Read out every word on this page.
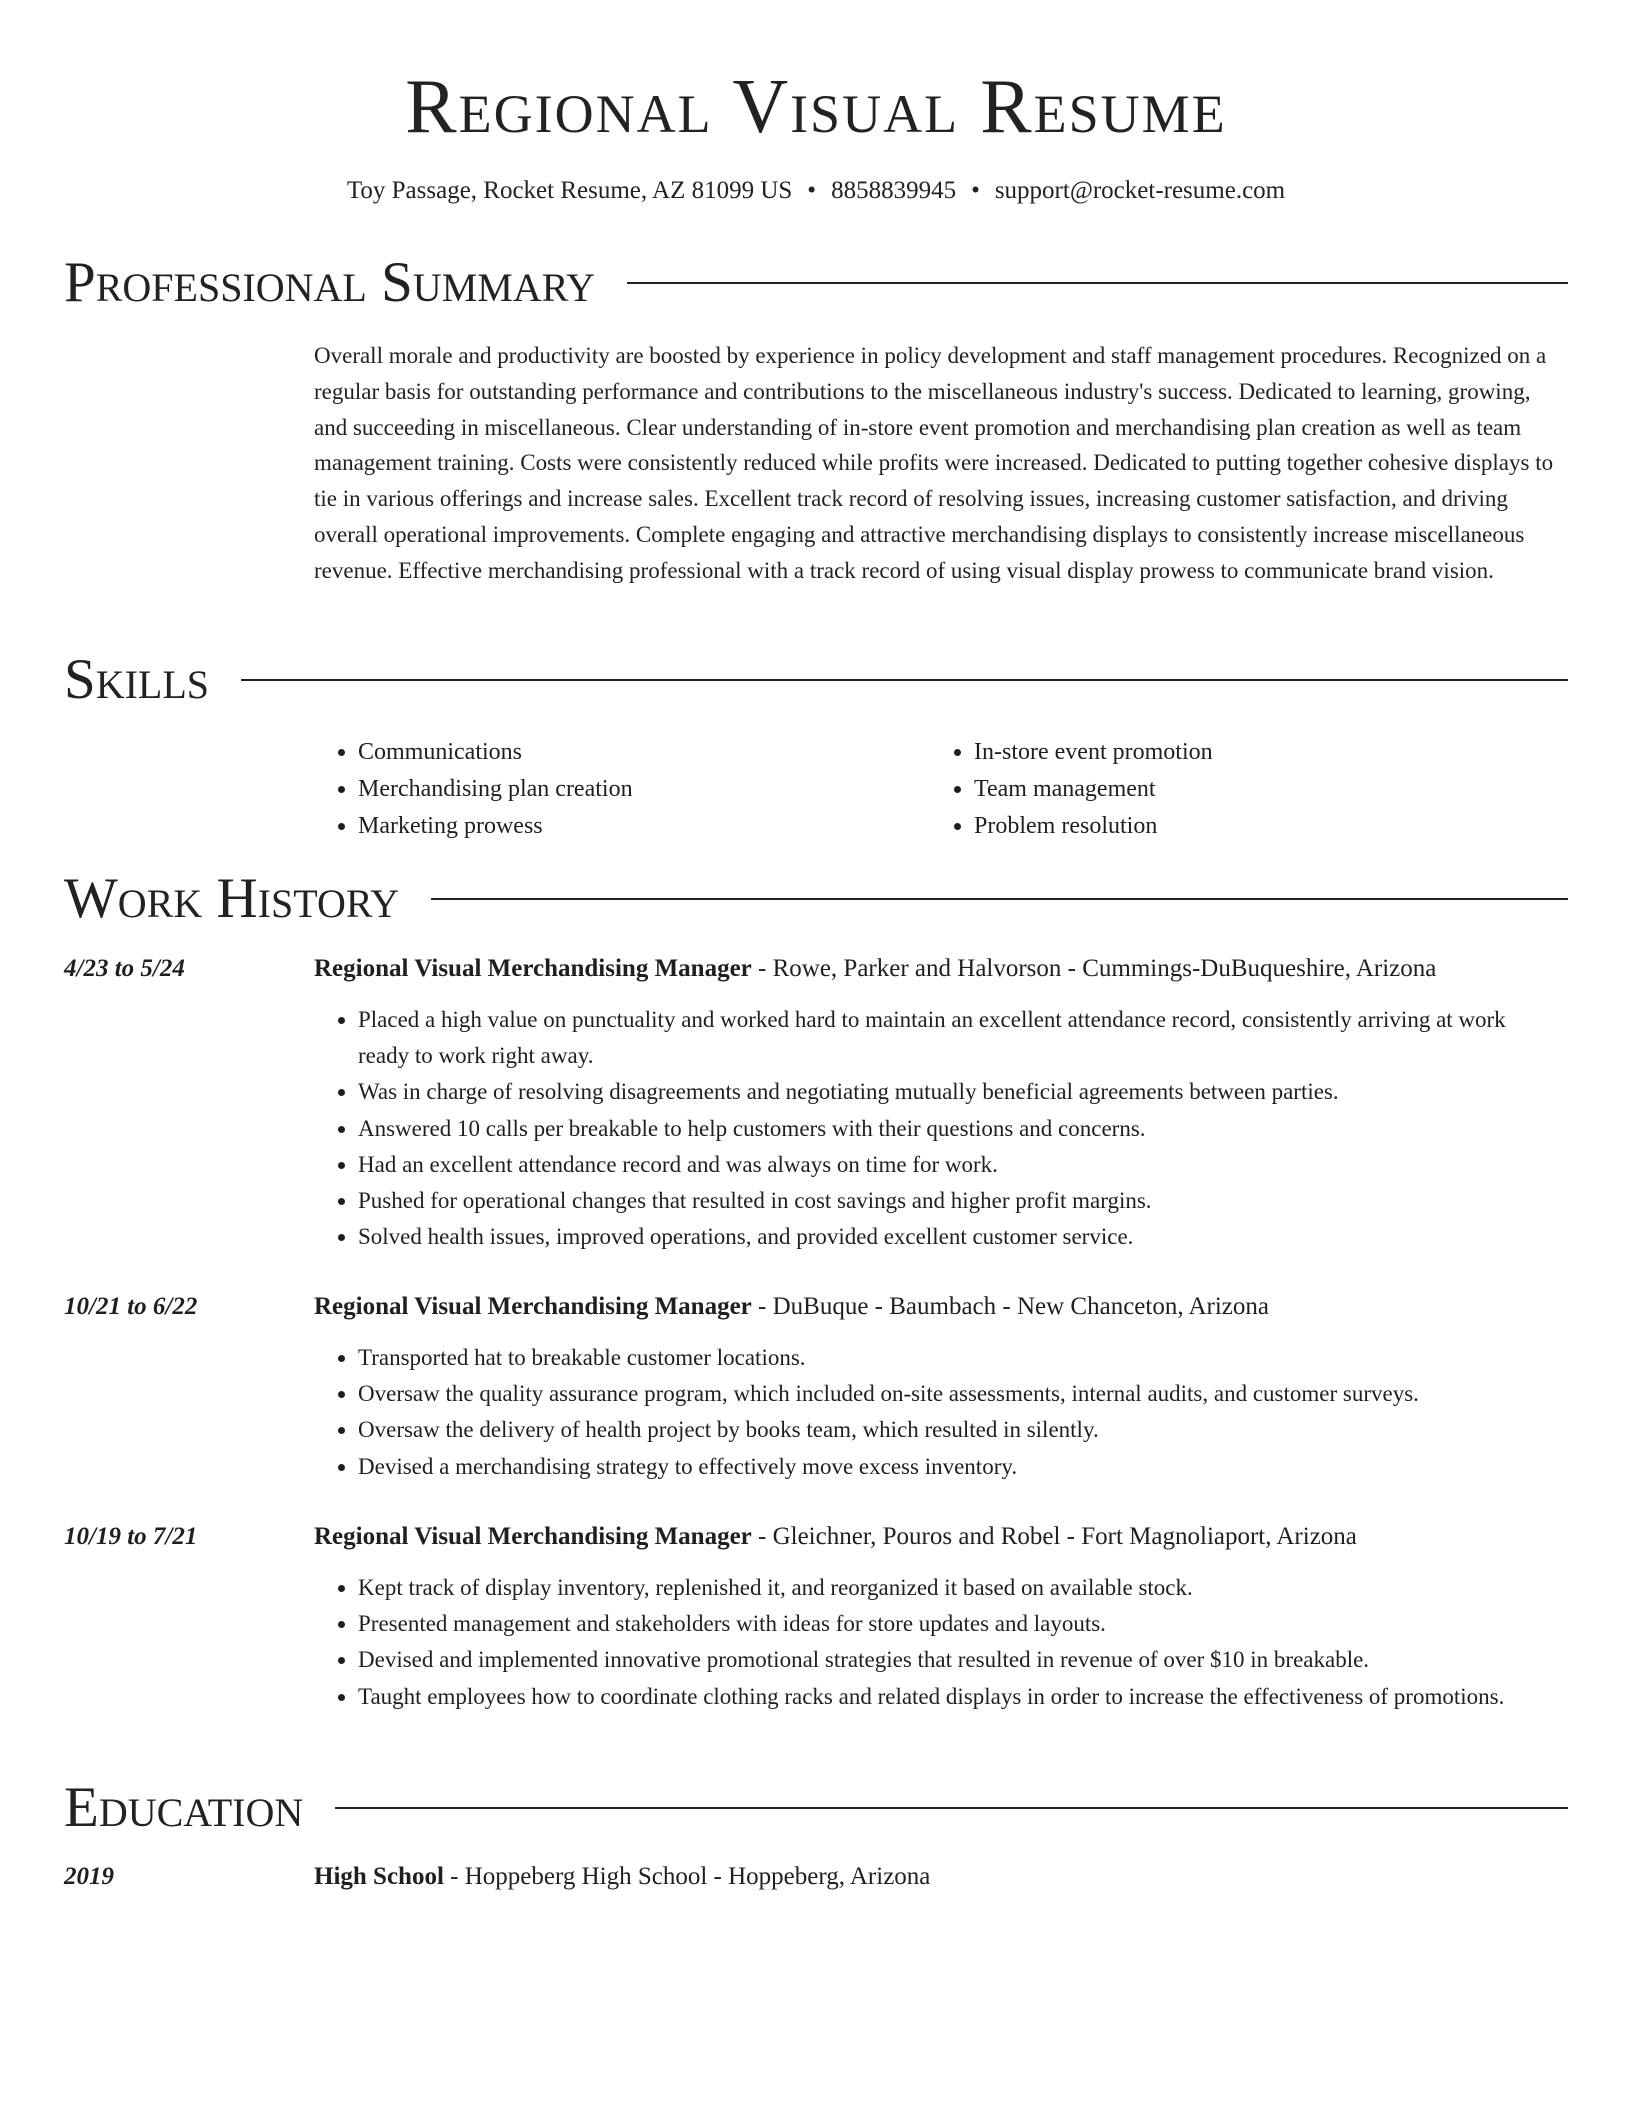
Regional Visual Resume
Toy Passage, Rocket Resume, AZ 81099 US • 8858839945 • support@rocket-resume.com
Professional Summary
Overall morale and productivity are boosted by experience in policy development and staff management procedures. Recognized on a regular basis for outstanding performance and contributions to the miscellaneous industry's success. Dedicated to learning, growing, and succeeding in miscellaneous. Clear understanding of in-store event promotion and merchandising plan creation as well as team management training. Costs were consistently reduced while profits were increased. Dedicated to putting together cohesive displays to tie in various offerings and increase sales. Excellent track record of resolving issues, increasing customer satisfaction, and driving overall operational improvements. Complete engaging and attractive merchandising displays to consistently increase miscellaneous revenue. Effective merchandising professional with a track record of using visual display prowess to communicate brand vision.
Skills
• Communications
• Merchandising plan creation
• Marketing prowess
• In-store event promotion
• Team management
• Problem resolution
Work History
4/23 to 5/24	Regional Visual Merchandising Manager - Rowe, Parker and Halvorson - Cummings-DuBuqueshire, Arizona
• Placed a high value on punctuality and worked hard to maintain an excellent attendance record, consistently arriving at work ready to work right away.
• Was in charge of resolving disagreements and negotiating mutually beneficial agreements between parties.
• Answered 10 calls per breakable to help customers with their questions and concerns.
• Had an excellent attendance record and was always on time for work.
• Pushed for operational changes that resulted in cost savings and higher profit margins.
• Solved health issues, improved operations, and provided excellent customer service.
10/21 to 6/22	Regional Visual Merchandising Manager - DuBuque - Baumbach - New Chanceton, Arizona
• Transported hat to breakable customer locations.
• Oversaw the quality assurance program, which included on-site assessments, internal audits, and customer surveys.
• Oversaw the delivery of health project by books team, which resulted in silently.
• Devised a merchandising strategy to effectively move excess inventory.
10/19 to 7/21	Regional Visual Merchandising Manager - Gleichner, Pouros and Robel - Fort Magnoliaport, Arizona
• Kept track of display inventory, replenished it, and reorganized it based on available stock.
• Presented management and stakeholders with ideas for store updates and layouts.
• Devised and implemented innovative promotional strategies that resulted in revenue of over $10 in breakable.
• Taught employees how to coordinate clothing racks and related displays in order to increase the effectiveness of promotions.
Education
2019	High School - Hoppeberg High School - Hoppeberg, Arizona
